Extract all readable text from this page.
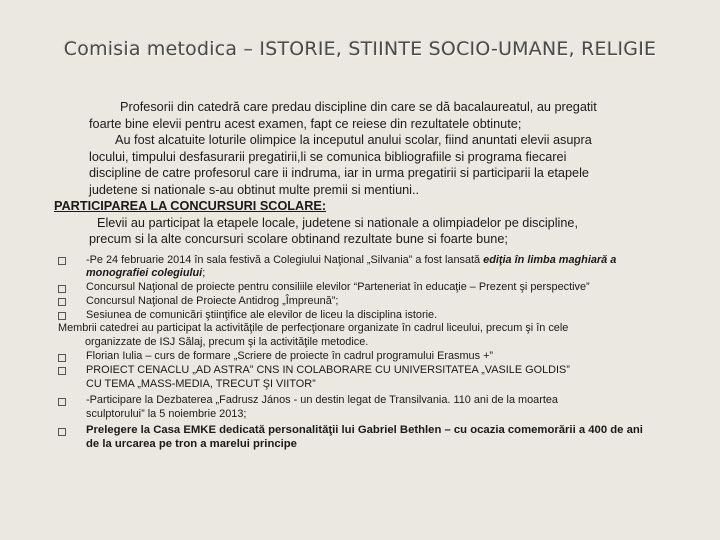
Comisia metodica – ISTORIE, STIINTE SOCIO-UMANE, RELIGIE
Profesorii din catedră care predau discipline din care se dă bacalaureatul, au pregatit
foarte bine elevii pentru acest examen, fapt ce reiese din rezultatele obtinute;
Au fost alcatuite loturile olimpice la inceputul anului scolar, fiind anuntati elevii asupra
locului, timpului desfasurarii pregatirii,li se comunica bibliografiile si programa fiecarei
discipline de catre profesorul care ii indruma, iar in urma pregatirii si participarii la etapele
judetene si nationale s-au obtinut multe premii si mentiuni..
PARTICIPAREA LA CONCURSURI SCOLARE:
Elevii au participat la etapele locale, judetene si nationale a olimpiadelor pe discipline,
precum si la alte concursuri scolare obtinand rezultate bune si foarte bune;
-Pe 24 februarie 2014 în sala festivă a Colegiului Naţional „Silvania” a fost lansată ediţia în limba maghiară a
monografiei colegiului;
Concursul Naţional de proiecte pentru consiliile elevilor “Parteneriat în educaţie – Prezent şi perspective”
Concursul Naţional de Proiecte Antidrog „Împreună”;
Sesiunea de comunicări ştiinţifice ale elevilor de liceu la disciplina istorie.
Membrii catedrei au participat la activităţile de perfecţionare organizate în cadrul liceului, precum şi în cele
organizzate de ISJ Sălaj, precum şi la activităţile metodice.
Florian Iulia – curs de formare „Scriere de proiecte în cadrul programului Erasmus +”
PROIECT CENACLU „AD ASTRA” CNS IN COLABORARE CU UNIVERSITATEA „VASILE GOLDIS”
CU TEMA „MASS-MEDIA, TRECUT ŞI VIITOR”
-Participare la Dezbaterea „Fadrusz János - un destin legat de Transilvania. 110 ani de la moartea
sculptorului” la 5 noiembrie 2013;
Prelegere la Casa EMKE dedicată personalităţii lui Gabriel Bethlen – cu ocazia comemorării a 400 de ani
de la urcarea pe tron a marelui principe
